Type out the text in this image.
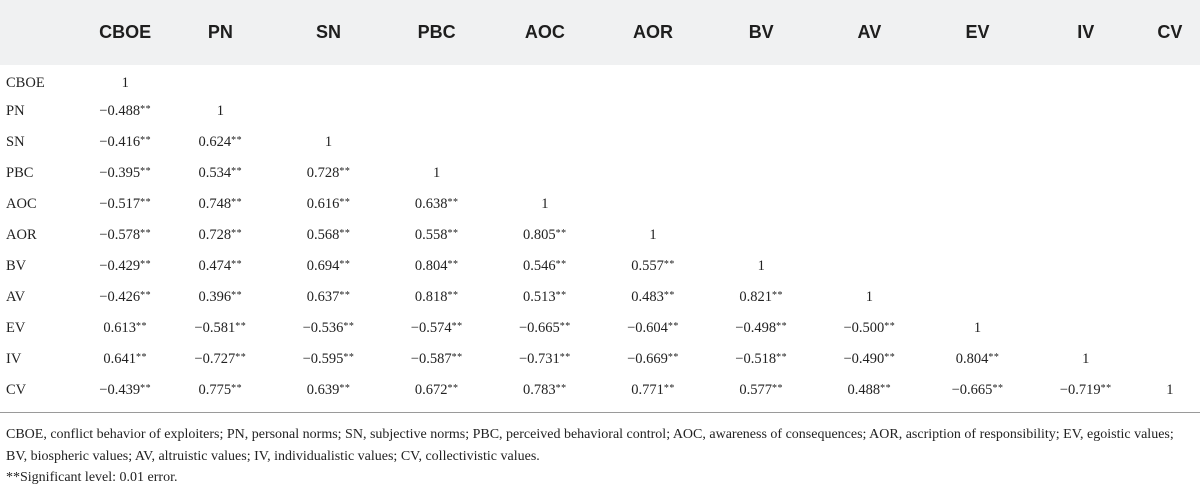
	CBOE	PN	SN	PBC	AOC	AOR	BV	AV	EV	IV	CV
CBOE	1										
PN	−0.488**	1									
SN	−0.416**	0.624**	1								
PBC	−0.395**	0.534**	0.728**	1							
AOC	−0.517**	0.748**	0.616**	0.638**	1						
AOR	−0.578**	0.728**	0.568**	0.558**	0.805**	1					
BV	−0.429**	0.474**	0.694**	0.804**	0.546**	0.557**	1				
AV	−0.426**	0.396**	0.637**	0.818**	0.513**	0.483**	0.821**	1			
EV	0.613**	−0.581**	−0.536**	−0.574**	−0.665**	−0.604**	−0.498**	−0.500**	1		
IV	0.641**	−0.727**	−0.595**	−0.587**	−0.731**	−0.669**	−0.518**	−0.490**	0.804**	1	
CV	−0.439**	0.775**	0.639**	0.672**	0.783**	0.771**	0.577**	0.488**	−0.665**	−0.719**	1

CBOE, conflict behavior of exploiters; PN, personal norms; SN, subjective norms; PBC, perceived behavioral control; AOC, awareness of consequences; AOR, ascription of responsibility; EV, egoistic values; BV, biospheric values; AV, altruistic values; IV, individualistic values; CV, collectivistic values.

**Significant level: 0.01 error.
